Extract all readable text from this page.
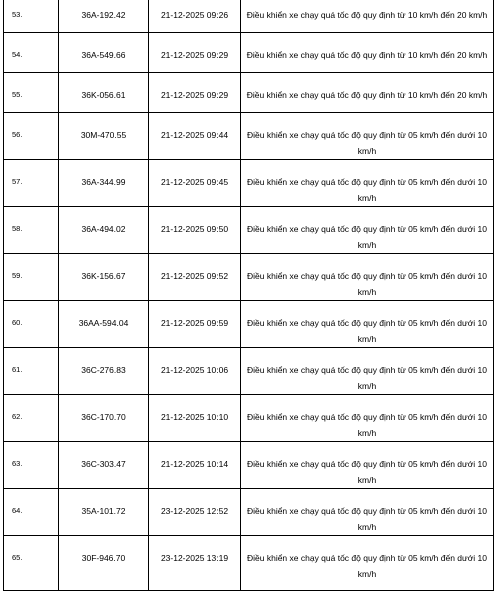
53.	36A-192.42	21-12-2025 09:26	Điều khiển xe chạy quá tốc độ quy định từ 10 km/h đến 20 km/h
54.	36A-549.66	21-12-2025 09:29	Điều khiển xe chạy quá tốc độ quy định từ 10 km/h đến 20 km/h
55.	36K-056.61	21-12-2025 09:29	Điều khiển xe chạy quá tốc độ quy định từ 10 km/h đến 20 km/h
56.	30M-470.55	21-12-2025 09:44	Điều khiển xe chạy quá tốc độ quy định từ 05 km/h đến dưới 10 km/h
57.	36A-344.99	21-12-2025 09:45	Điều khiển xe chạy quá tốc độ quy định từ 05 km/h đến dưới 10 km/h
58.	36A-494.02	21-12-2025 09:50	Điều khiển xe chạy quá tốc độ quy định từ 05 km/h đến dưới 10 km/h
59.	36K-156.67	21-12-2025 09:52	Điều khiển xe chạy quá tốc độ quy định từ 05 km/h đến dưới 10 km/h
60.	36AA-594.04	21-12-2025 09:59	Điều khiển xe chạy quá tốc độ quy định từ 05 km/h đến dưới 10 km/h
61.	36C-276.83	21-12-2025 10:06	Điều khiển xe chạy quá tốc độ quy định từ 05 km/h đến dưới 10 km/h
62.	36C-170.70	21-12-2025 10:10	Điều khiển xe chạy quá tốc độ quy định từ 05 km/h đến dưới 10 km/h
63.	36C-303.47	21-12-2025 10:14	Điều khiển xe chạy quá tốc độ quy định từ 05 km/h đến dưới 10 km/h
64.	35A-101.72	23-12-2025 12:52	Điều khiển xe chạy quá tốc độ quy định từ 05 km/h đến dưới 10 km/h
65.	30F-946.70	23-12-2025 13:19	Điều khiển xe chạy quá tốc độ quy định từ 05 km/h đến dưới 10 km/h
